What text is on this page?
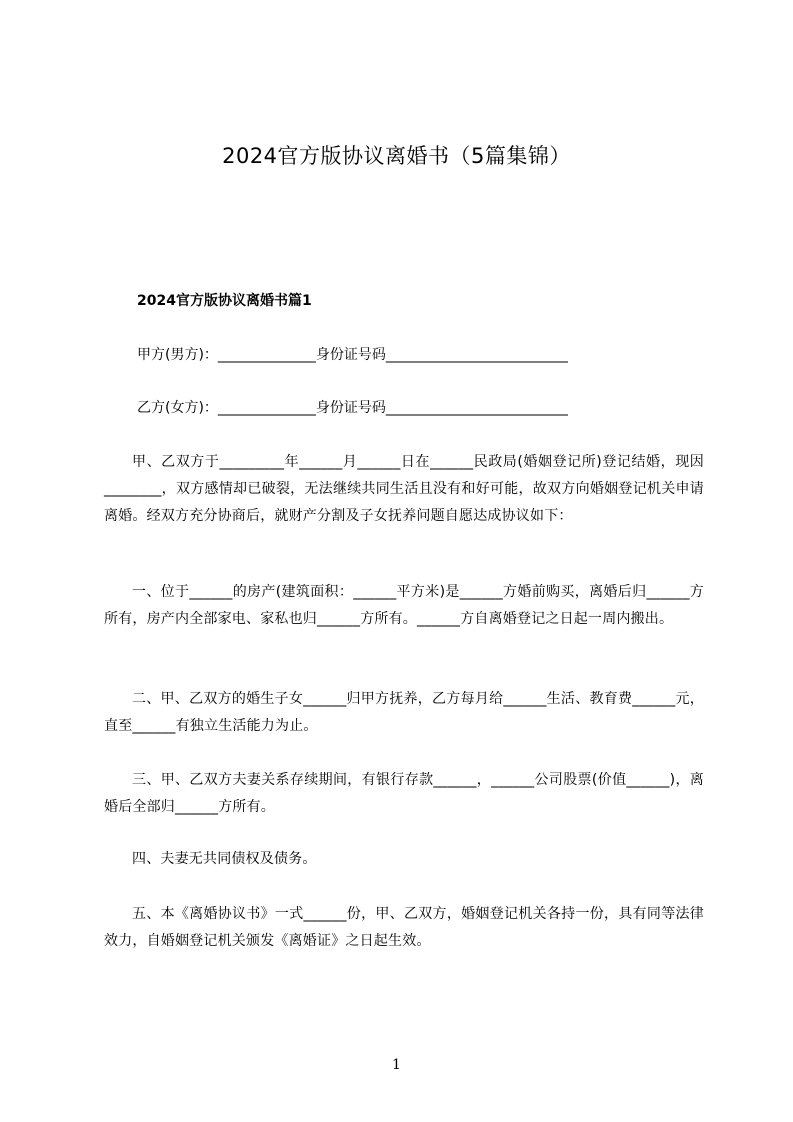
2024官方版协议离婚书（5篇集锦）
2024官方版协议离婚书篇1
甲方(男方)：______________身份证号码__________________________
乙方(女方)：______________身份证号码__________________________

甲、乙双方于_________年______月______日在______民政局(婚姻登记所)登记结婚，现因________，双方感情却已破裂，无法继续共同生活且没有和好可能，故双方向婚姻登记机关申请离婚。经双方充分协商后，就财产分割及子女抚养问题自愿达成协议如下：

一、位于______的房产(建筑面积：______平方米)是______方婚前购买，离婚后归______方所有，房产内全部家电、家私也归______方所有。______方自离婚登记之日起一周内搬出。

二、甲、乙双方的婚生子女______归甲方抚养，乙方每月给______生活、教育费______元，直至______有独立生活能力为止。

三、甲、乙双方夫妻关系存续期间，有银行存款______，______公司股票(价值______)，离婚后全部归______方所有。

四、夫妻无共同债权及债务。

五、本《离婚协议书》一式______份，甲、乙双方，婚姻登记机关各持一份，具有同等法律效力，自婚姻登记机关颁发《离婚证》之日起生效。

1
